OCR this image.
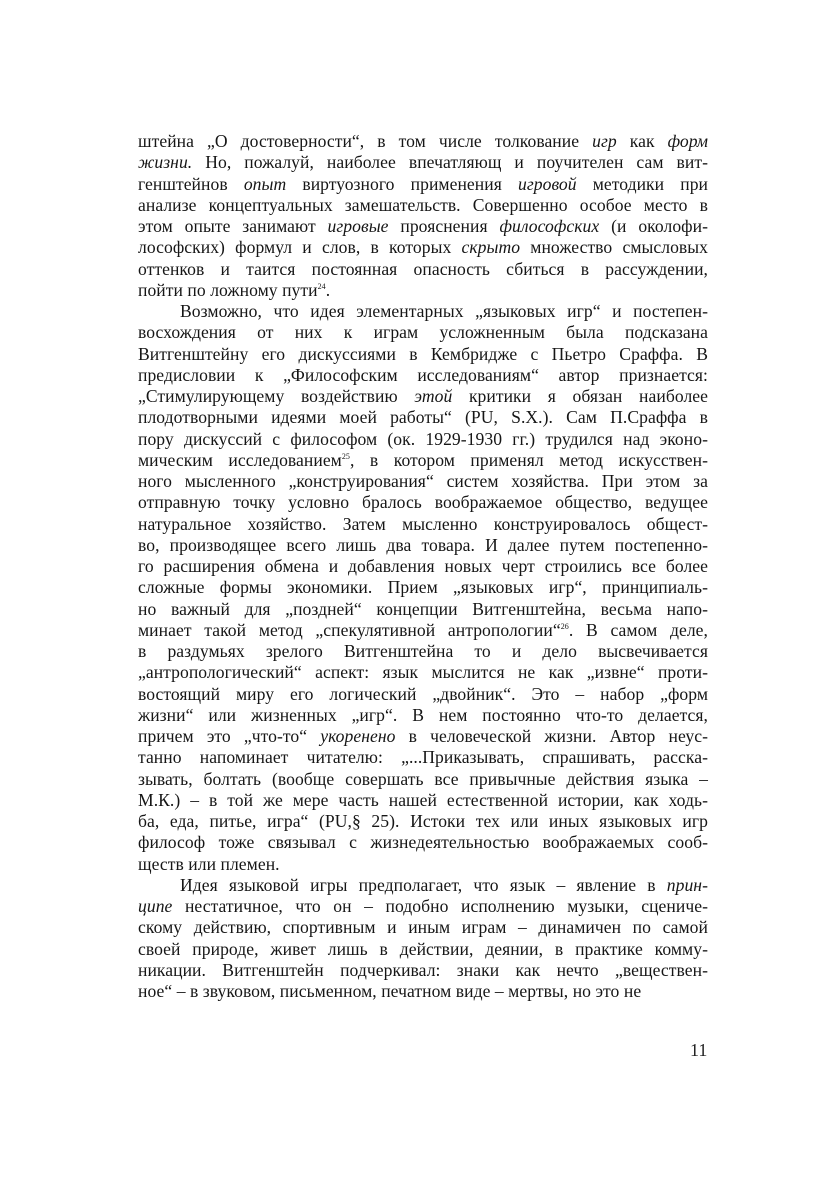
штейна „О достоверности“, в том числе толкование игр как форм
жизни. Но, пожалуй, наиболее впечатляющ и поучителен сам вит-
генштейнов опыт виртуозного применения игровой методики при
анализе концептуальных замешательств. Совершенно особое место в
этом опыте занимают игровые прояснения философских (и околофи-
лософских) формул и слов, в которых скрыто множество смысловых
оттенков и таится постоянная опасность сбиться в рассуждении,
пойти по ложному пути$^{24}$.
Возможно, что идея элементарных „языковых игр“ и постепен-
восхождения от них к играм усложненным была подсказана
Витгенштейну его дискуссиями в Кембридже с Пьетро Сраффа. В
предисловии к „Философским исследованиям“ автор признается:
„Стимулирующему воздействию этой критики я обязан наиболее
плодотворными идеями моей работы“ (PU, S.X.). Сам П.Сраффа в
пору дискуссий с философом (ок. 1929-1930 гг.) трудился над эконо-
мическим исследованием$^{25}$, в котором применял метод искусствен-
ного мысленного „конструирования“ систем хозяйства. При этом за
отправную точку условно бралось воображаемое общество, ведущее
натуральное хозяйство. Затем мысленно конструировалось общест-
во, производящее всего лишь два товара. И далее путем постепенно-
го расширения обмена и добавления новых черт строились все более
сложные формы экономики. Прием „языковых игр“, принципиаль-
но важный для „поздней“ концепции Витгенштейна, весьма напо-
минает такой метод „спекулятивной антропологии“$^{26}$. В самом деле,
в раздумьях зрелого Витгенштейна то и дело высвечивается
„антропологический“ аспект: язык мыслится не как „извне“ проти-
востоящий миру его логический „двойник“. Это – набор „форм
жизни“ или жизненных „игр“. В нем постоянно что-то делается,
причем это „что-то“ укоренено в человеческой жизни. Автор неус-
танно напоминает читателю: „...Приказывать, спрашивать, расска-
зывать, болтать (вообще совершать все привычные действия языка –
М.К.) – в той же мере часть нашей естественной истории, как ходь-
ба, еда, питье, игра“ (PU,§ 25). Истоки тех или иных языковых игр
философ тоже связывал с жизнедеятельностью воображаемых сооб-
ществ или племен.
Идея языковой игры предполагает, что язык – явление в прин-
ципе нестатичное, что он – подобно исполнению музыки, сцениче-
скому действию, спортивным и иным играм – динамичен по самой
своей природе, живет лишь в действии, деянии, в практике комму-
никации. Витгенштейн подчеркивал: знаки как нечто „веществен-
ное“ – в звуковом, письменном, печатном виде – мертвы, но это не
11
